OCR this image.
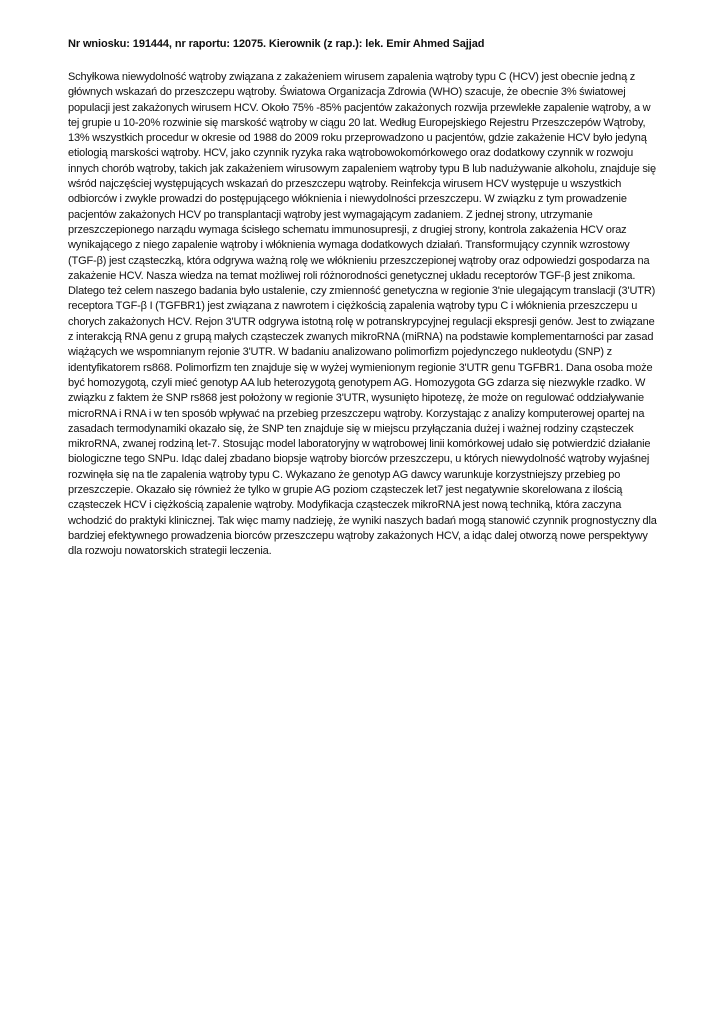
Nr wniosku: 191444, nr raportu: 12075. Kierownik (z rap.): lek. Emir Ahmed Sajjad

Schyłkowa niewydolność wątroby związana z zakażeniem wirusem zapalenia wątroby typu C (HCV) jest obecnie jedną z głównych wskazań do przeszczepu wątroby. Światowa Organizacja Zdrowia (WHO) szacuje, że obecnie 3% światowej populacji jest zakażonych wirusem HCV. Około 75% -85% pacjentów zakażonych rozwija przewlekłe zapalenie wątroby, a w tej grupie u 10-20% rozwinie się marskość wątroby w ciągu 20 lat. Według Europejskiego Rejestru Przeszczepów Wątroby, 13% wszystkich procedur w okresie od 1988 do 2009 roku przeprowadzono u pacjentów, gdzie zakażenie HCV było jedyną etiologią marskości wątroby. HCV, jako czynnik ryzyka raka wątrobowokomórkowego oraz dodatkowy czynnik w rozwoju innych chorób wątroby, takich jak zakażeniem wirusowym zapaleniem wątroby typu B lub nadużywanie alkoholu, znajduje się wśród najczęściej występujących wskazań do przeszczepu wątroby. Reinfekcja wirusem HCV występuje u wszystkich odbiorców i zwykle prowadzi do postępującego włóknienia i niewydolności przeszczepu. W związku z tym prowadzenie pacjentów zakażonych HCV po transplantacji wątroby jest wymagającym zadaniem. Z jednej strony, utrzymanie przeszczepionego narządu wymaga ścisłego schematu immunosupresji, z drugiej strony, kontrola zakażenia HCV oraz wynikającego z niego zapalenie wątroby i włóknienia wymaga dodatkowych działań. Transformujący czynnik wzrostowy (TGF-β) jest cząsteczką, która odgrywa ważną rolę we włóknieniu przeszczepionej wątroby oraz odpowiedzi gospodarza na zakażenie HCV. Nasza wiedza na temat możliwej roli różnorodności genetycznej układu receptorów TGF-β jest znikoma. Dlatego też celem naszego badania było ustalenie, czy zmienność genetyczna w regionie 3'nie ulegającym translacji (3'UTR) receptora TGF-β I (TGFBR1) jest związana z nawrotem i ciężkością zapalenia wątroby typu C i włóknienia przeszczepu u chorych zakażonych HCV. Rejon 3'UTR odgrywa istotną rolę w potranskrypcyjnej regulacji ekspresji genów. Jest to związane z interakcją RNA genu z grupą małych cząsteczek zwanych mikroRNA (miRNA) na podstawie komplementarności par zasad wiążących we wspomnianym rejonie 3'UTR. W badaniu analizowano polimorfizm pojedynczego nukleotydu (SNP) z identyfikatorem rs868. Polimorfizm ten znajduje się w wyżej wymienionym regionie 3'UTR genu TGFBR1. Dana osoba może być homozygotą, czyli mieć genotyp AA lub heterozygotą genotypem AG. Homozygota GG zdarza się niezwykle rzadko. W związku z faktem że SNP rs868 jest położony w regionie 3'UTR, wysunięto hipotezę, że może on regulować oddziaływanie microRNA i RNA i w ten sposób wpływać na przebieg przeszczepu wątroby. Korzystając z analizy komputerowej opartej na zasadach termodynamiki okazało się, że SNP ten znajduje się w miejscu przyłączania dużej i ważnej rodziny cząsteczek mikroRNA, zwanej rodziną let-7. Stosując model laboratoryjny w wątrobowej linii komórkowej udało się potwierdzić działanie biologiczne tego SNPu. Idąc dalej zbadano biopsje wątroby biorców przeszczepu, u których niewydolność wątroby wyjaśnej rozwinęła się na tle zapalenia wątroby typu C. Wykazano że genotyp AG dawcy warunkuje korzystniejszy przebieg po przeszczepie. Okazało się również że tylko w grupie AG poziom cząsteczek let7 jest negatywnie skorelowana z ilością cząsteczek HCV i ciężkością zapalenie wątroby. Modyfikacja cząsteczek mikroRNA jest nową techniką, która zaczyna wchodzić do praktyki klinicznej. Tak więc mamy nadzieję, że wyniki naszych badań mogą stanowić czynnik prognostyczny dla bardziej efektywnego prowadzenia biorców przeszczepu wątroby zakażonych HCV, a idąc dalej otworzą nowe perspektywy dla rozwoju nowatorskich strategii leczenia.
